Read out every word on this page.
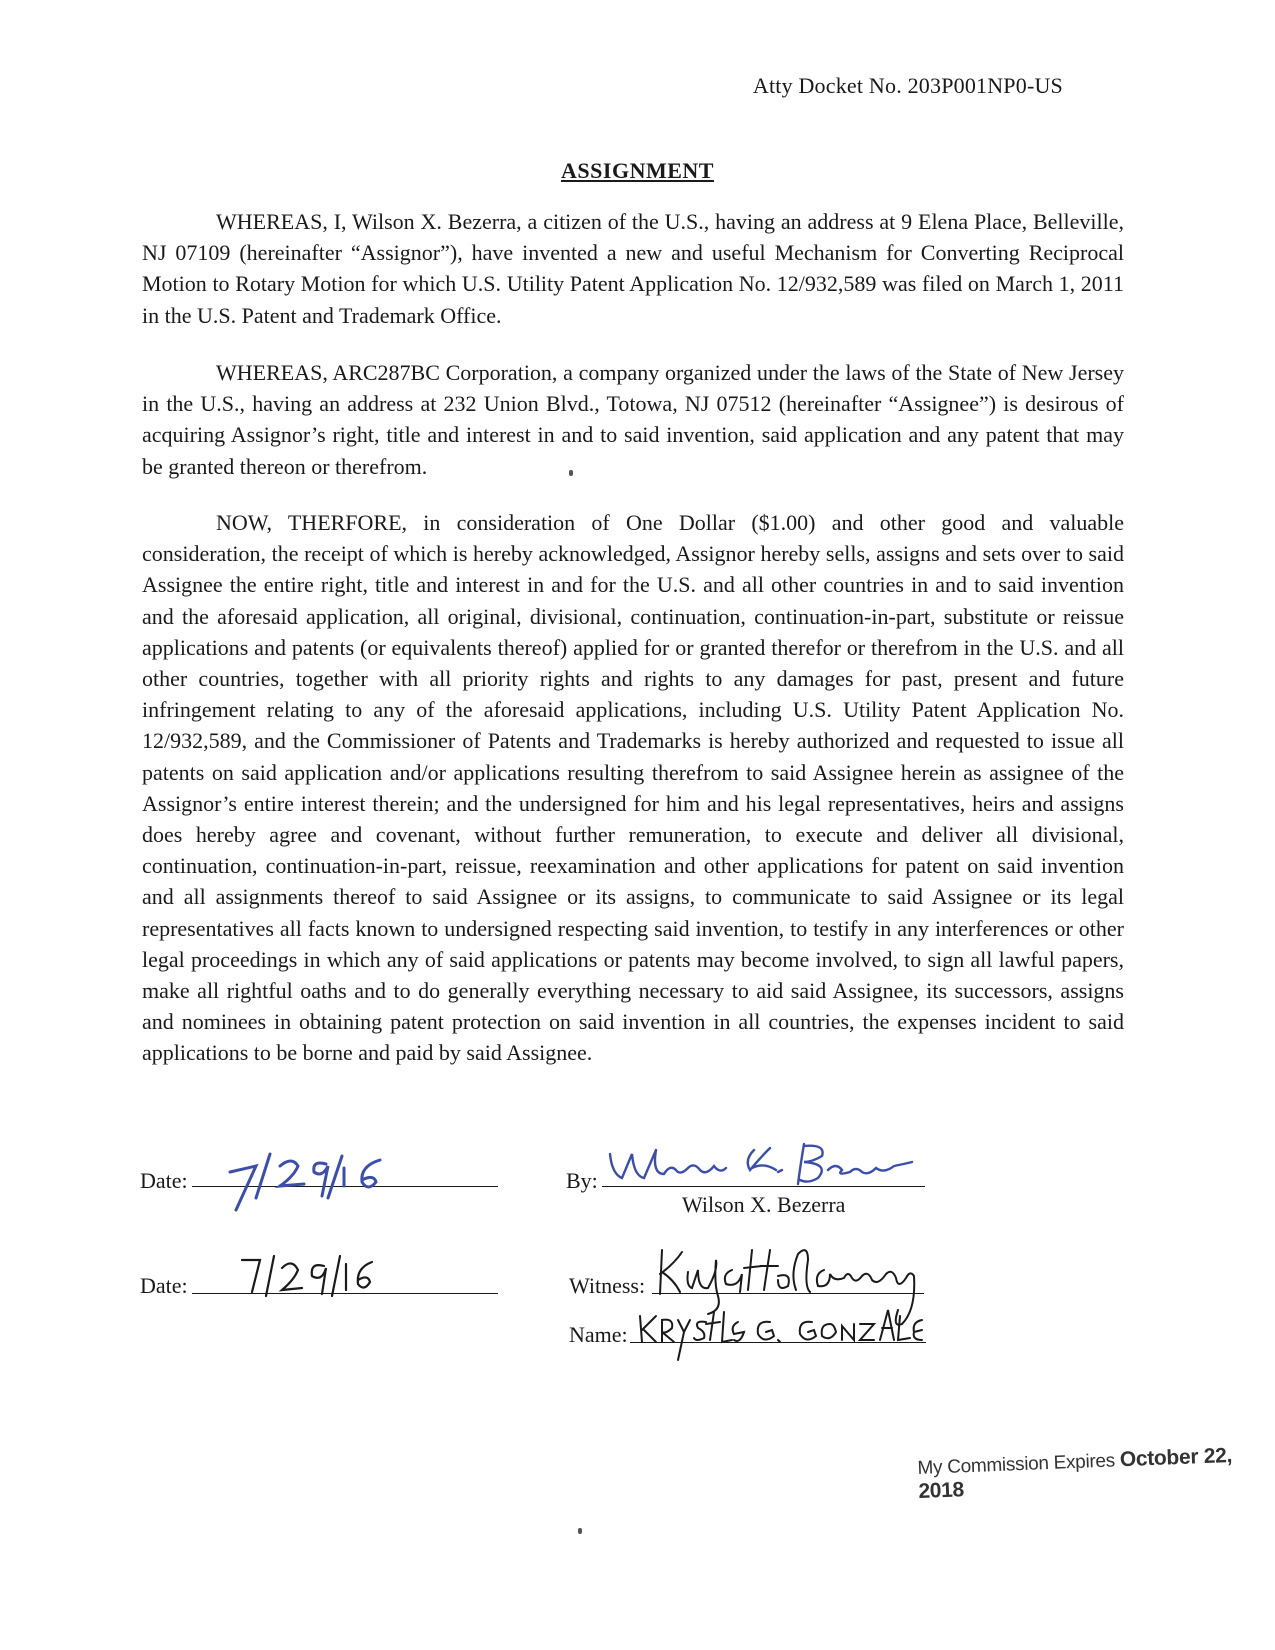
Atty Docket No. 203P001NP0-US
ASSIGNMENT

WHEREAS, I, Wilson X. Bezerra, a citizen of the U.S., having an address at 9 Elena Place, Belleville, NJ 07109 (hereinafter “Assignor”), have invented a new and useful Mechanism for Converting Reciprocal Motion to Rotary Motion for which U.S. Utility Patent Application No. 12/932,589 was filed on March 1, 2011 in the U.S. Patent and Trademark Office.

WHEREAS, ARC287BC Corporation, a company organized under the laws of the State of New Jersey in the U.S., having an address at 232 Union Blvd., Totowa, NJ 07512 (hereinafter “Assignee”) is desirous of acquiring Assignor’s right, title and interest in and to said invention, said application and any patent that may be granted thereon or therefrom.

NOW, THERFORE, in consideration of One Dollar ($1.00) and other good and valuable consideration, the receipt of which is hereby acknowledged, Assignor hereby sells, assigns and sets over to said Assignee the entire right, title and interest in and for the U.S. and all other countries in and to said invention and the aforesaid application, all original, divisional, continuation, continuation-in-part, substitute or reissue applications and patents (or equivalents thereof) applied for or granted therefor or therefrom in the U.S. and all other countries, together with all priority rights and rights to any damages for past, present and future infringement relating to any of the aforesaid applications, including U.S. Utility Patent Application No. 12/932,589, and the Commissioner of Patents and Trademarks is hereby authorized and requested to issue all patents on said application and/or applications resulting therefrom to said Assignee herein as assignee of the Assignor’s entire interest therein; and the undersigned for him and his legal representatives, heirs and assigns does hereby agree and covenant, without further remuneration, to execute and deliver all divisional, continuation, continuation-in-part, reissue, reexamination and other applications for patent on said invention and all assignments thereof to said Assignee or its assigns, to communicate to said Assignee or its legal representatives all facts known to undersigned respecting said invention, to testify in any interferences or other legal proceedings in which any of said applications or patents may become involved, to sign all lawful papers, make all rightful oaths and to do generally everything necessary to aid said Assignee, its successors, assigns and nominees in obtaining patent protection on said invention in all countries, the expenses incident to said applications to be borne and paid by said Assignee.

Date:
7/29/16
By:
Wilson X. Bezerra
Date:	Witness:
Name:
My Commission Expires October 22, 2018
